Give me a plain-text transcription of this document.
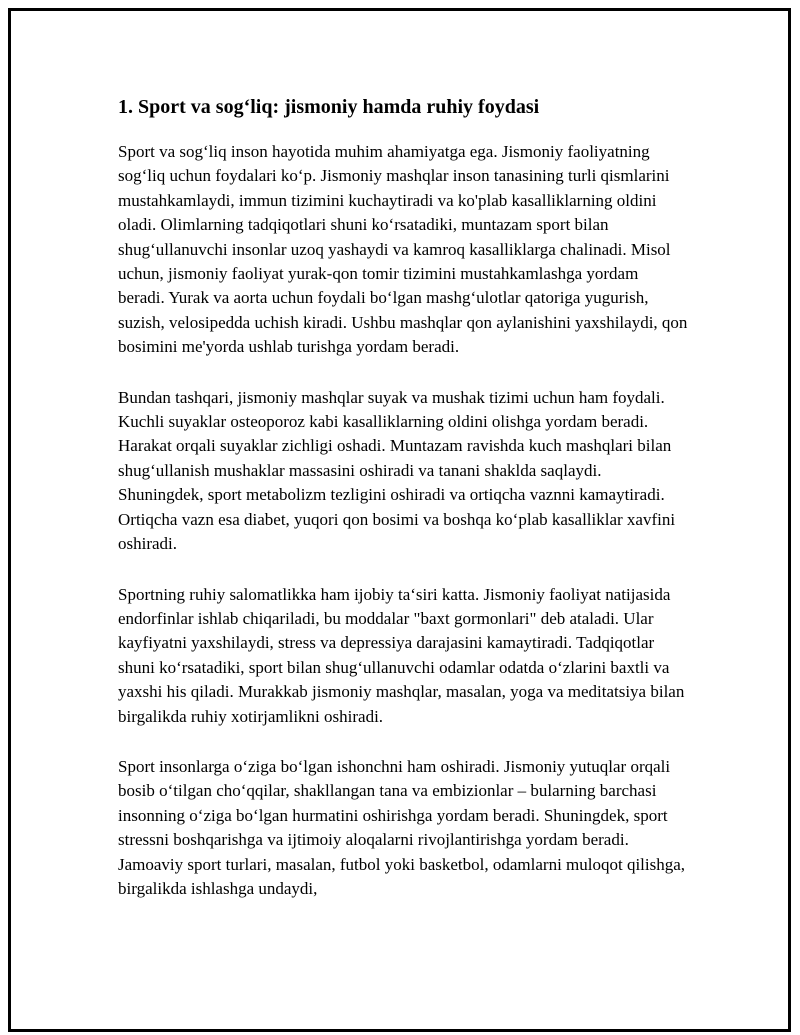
1. Sport va sog‘liq: jismoniy hamda ruhiy foydasi

Sport va sog‘liq inson hayotida muhim ahamiyatga ega. Jismoniy faoliyatning sog‘liq uchun foydalari ko‘p. Jismoniy mashqlar inson tanasining turli qismlarini mustahkamlaydi, immun tizimini kuchaytiradi va ko'plab kasalliklarning oldini oladi. Olimlarning tadqiqotlari shuni ko‘rsatadiki, muntazam sport bilan shug‘ullanuvchi insonlar uzoq yashaydi va kamroq kasalliklarga chalinadi. Misol uchun, jismoniy faoliyat yurak-qon tomir tizimini mustahkamlashga yordam beradi. Yurak va aorta uchun foydali bo‘lgan mashg‘ulotlar qatoriga yugurish, suzish, velosipedda uchish kiradi. Ushbu mashqlar qon aylanishini yaxshilaydi, qon bosimini me'yorda ushlab turishga yordam beradi.

Bundan tashqari, jismoniy mashqlar suyak va mushak tizimi uchun ham foydali. Kuchli suyaklar osteoporoz kabi kasalliklarning oldini olishga yordam beradi. Harakat orqali suyaklar zichligi oshadi. Muntazam ravishda kuch mashqlari bilan shug‘ullanish mushaklar massasini oshiradi va tanani shaklda saqlaydi. Shuningdek, sport metabolizm tezligini oshiradi va ortiqcha vaznni kamaytiradi. Ortiqcha vazn esa diabet, yuqori qon bosimi va boshqa ko‘plab kasalliklar xavfini oshiradi.

Sportning ruhiy salomatlikka ham ijobiy ta‘siri katta. Jismoniy faoliyat natijasida endorfinlar ishlab chiqariladi, bu moddalar "baxt gormonlari" deb ataladi. Ular kayfiyatni yaxshilaydi, stress va depressiya darajasini kamaytiradi. Tadqiqotlar shuni ko‘rsatadiki, sport bilan shug‘ullanuvchi odamlar odatda o‘zlarini baxtli va yaxshi his qiladi. Murakkab jismoniy mashqlar, masalan, yoga va meditatsiya bilan birgalikda ruhiy xotirjamlikni oshiradi.

Sport insonlarga o‘ziga bo‘lgan ishonchni ham oshiradi. Jismoniy yutuqlar orqali bosib o‘tilgan cho‘qqilar, shakllangan tana va embizionlar – bularning barchasi insonning o‘ziga bo‘lgan hurmatini oshirishga yordam beradi. Shuningdek, sport stressni boshqarishga va ijtimoiy aloqalarni rivojlantirishga yordam beradi. Jamoaviy sport turlari, masalan, futbol yoki basketbol, odamlarni muloqot qilishga, birgalikda ishlashga undaydi,
